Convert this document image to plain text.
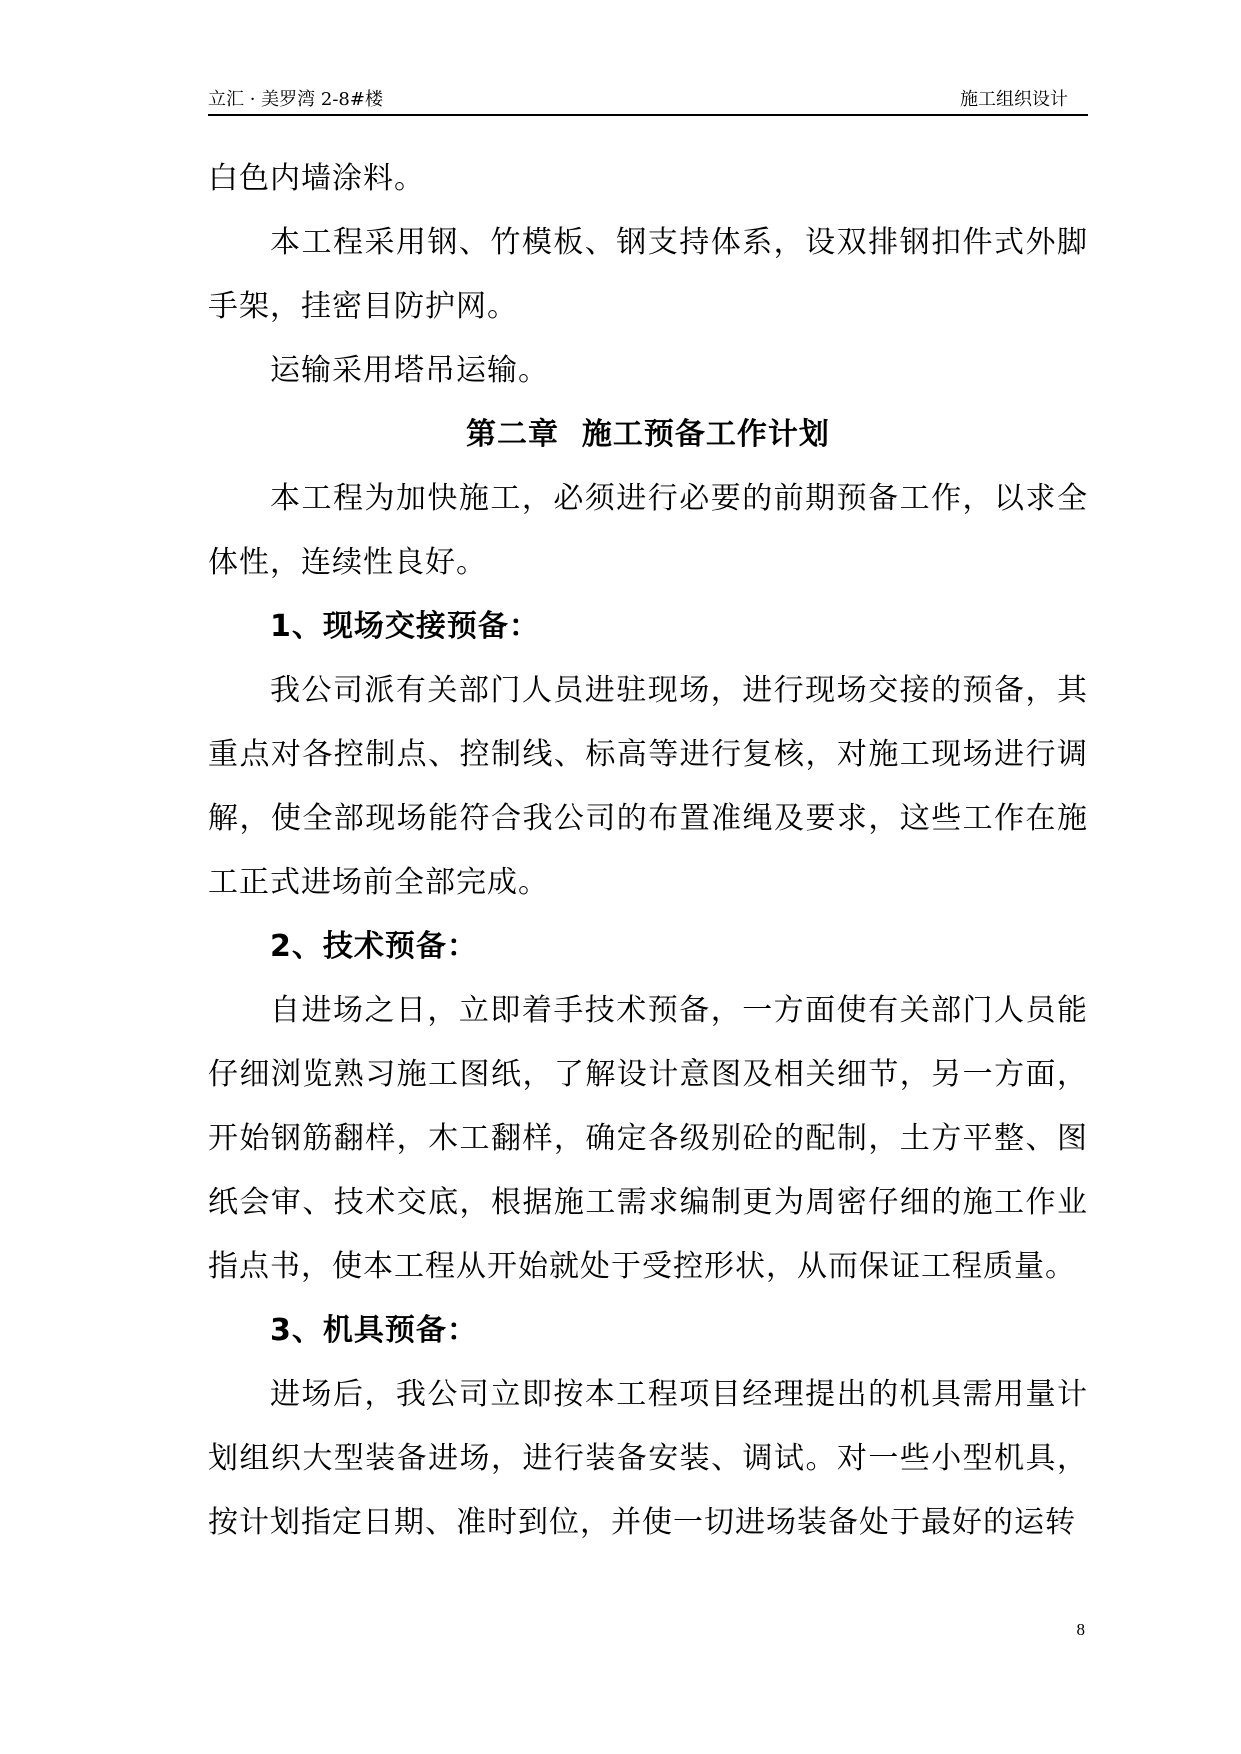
立汇 · 美罗湾 2-8#楼	施工组织设计

白色内墙涂料。

本工程采用钢、竹模板、钢支持体系，设双排钢扣件式外脚手架，挂密目防护网。

运输采用塔吊运输。

第二章  施工预备工作计划

本工程为加快施工，必须进行必要的前期预备工作，以求全体性，连续性良好。

1、现场交接预备：

我公司派有关部门人员进驻现场，进行现场交接的预备，其重点对各控制点、控制线、标高等进行复核，对施工现场进行调解，使全部现场能符合我公司的布置准绳及要求，这些工作在施工正式进场前全部完成。

2、技术预备：

自进场之日，立即着手技术预备，一方面使有关部门人员能仔细浏览熟习施工图纸，了解设计意图及相关细节，另一方面，开始钢筋翻样，木工翻样，确定各级别砼的配制，土方平整、图纸会审、技术交底，根据施工需求编制更为周密仔细的施工作业指点书，使本工程从开始就处于受控形状，从而保证工程质量。

3、机具预备：

进场后，我公司立即按本工程项目经理提出的机具需用量计划组织大型装备进场，进行装备安装、调试。对一些小型机具，按计划指定日期、准时到位，并使一切进场装备处于最好的运转

8
